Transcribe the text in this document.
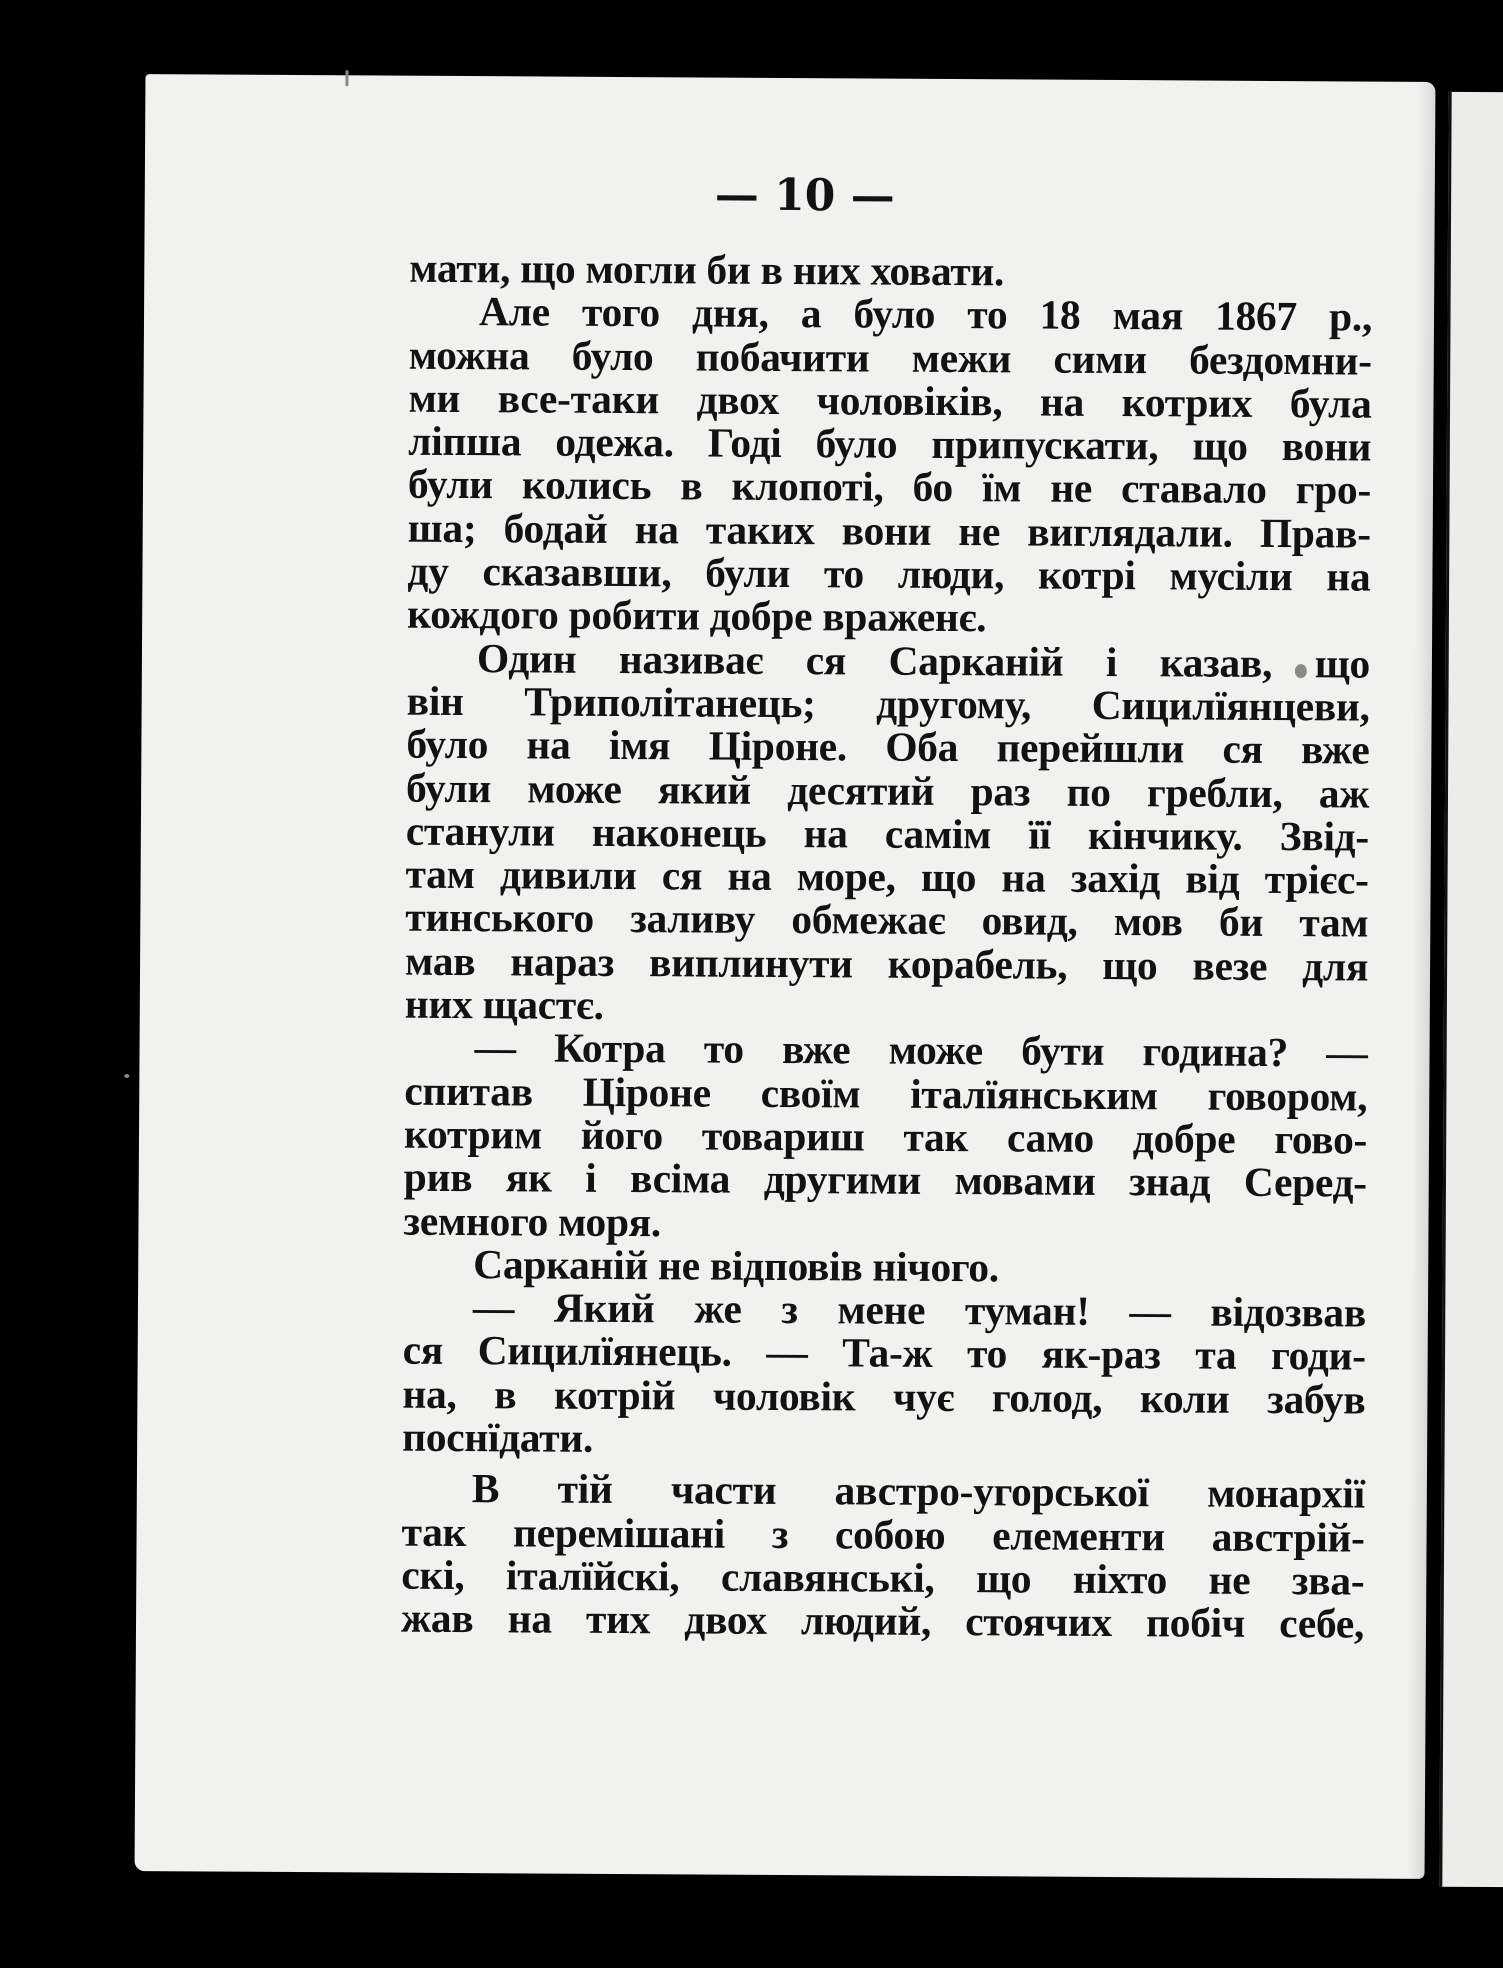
— 10 —
мати, що могли би в них ховати.
Але того дня, а було то 18 мая 1867 р.,
можна було побачити межи сими бездомни-
ми все-таки двох чоловіків, на котрих була
ліпша одежа. Годі було припускати, що вони
були колись в клопоті, бо їм не ставало гро-
ша; бодай на таких вони не виглядали. Прав-
ду сказавши, були то люди, котрі мусіли на
кождого робити добре враженє.
Один називає ся Сарканій і казав, що
він Триполітанець; другому, Сицилїянцеви,
було на імя Ціроне. Оба перейшли ся вже
були може який десятий раз по гребли, аж
станули наконець на самім її кінчику. Звід-
там дивили ся на море, що на захід від трієс-
тинського заливу обмежає овид, мов би там
мав нараз виплинути корабель, що везе для
них щастє.
— Котра то вже може бути година? —
спитав Ціроне своїм італїянським говором,
котрим його товариш так само добре гово-
рив як і всіма другими мовами знад Серед-
земного моря.
Сарканій не відповів нічого.
— Який же з мене туман! — відозвав
ся Сицилїянець. — Та-ж то як-раз та годи-
на, в котрій чоловік чує голод, коли забув
поснїдати.
В тій части австро-угорської монархії
так перемішані з собою елементи австрій-
скі, італїйскі, славянські, що ніхто не зва-
жав на тих двох людий, стоячих побіч себе,
